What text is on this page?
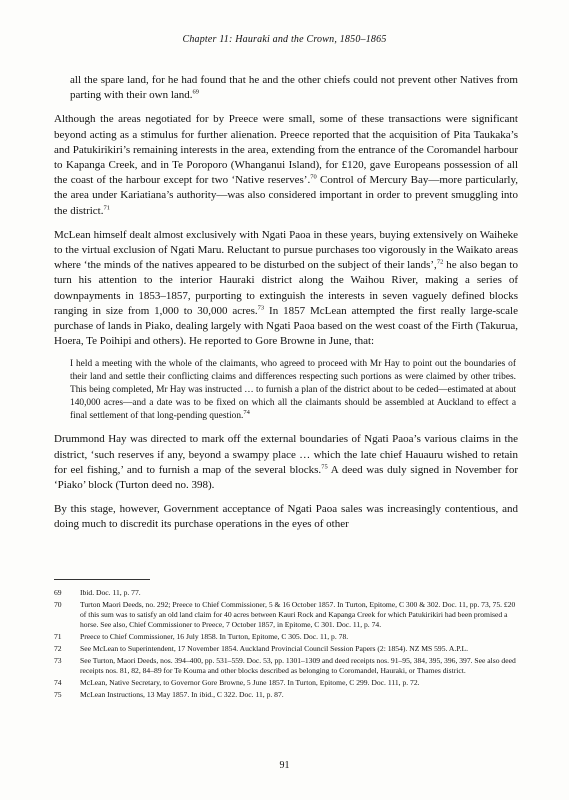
Chapter 11: Hauraki and the Crown, 1850–1865

all the spare land, for he had found that he and the other chiefs could not prevent other Natives from parting with their own land.$^{69}$

Although the areas negotiated for by Preece were small, some of these transactions were significant beyond acting as a stimulus for further alienation. Preece reported that the acquisition of Pita Taukaka’s and Patukirikiri’s remaining interests in the area, extending from the entrance of the Coromandel harbour to Kapanga Creek, and in Te Poroporo (Whanganui Island), for £120, gave Europeans possession of all the coast of the harbour except for two ‘Native reserves’.$^{70}$ Control of Mercury Bay—more particularly, the area under Kariatiana’s authority—was also considered important in order to prevent smuggling into the district.$^{71}$

McLean himself dealt almost exclusively with Ngati Paoa in these years, buying extensively on Waiheke to the virtual exclusion of Ngati Maru. Reluctant to pursue purchases too vigorously in the Waikato areas where ‘the minds of the natives appeared to be disturbed on the subject of their lands’,$^{72}$ he also began to turn his attention to the interior Hauraki district along the Waihou River, making a series of downpayments in 1853–1857, purporting to extinguish the interests in seven vaguely defined blocks ranging in size from 1,000 to 30,000 acres.$^{73}$ In 1857 McLean attempted the first really large-scale purchase of lands in Piako, dealing largely with Ngati Paoa based on the west coast of the Firth (Takurua, Hoera, Te Poihipi and others). He reported to Gore Browne in June, that:

I held a meeting with the whole of the claimants, who agreed to proceed with Mr Hay to point out the boundaries of their land and settle their conflicting claims and differences respecting such portions as were claimed by other tribes. This being completed, Mr Hay was instructed … to furnish a plan of the district about to be ceded—estimated at about 140,000 acres—and a date was to be fixed on which all the claimants should be assembled at Auckland to effect a final settlement of that long-pending question.$^{74}$

Drummond Hay was directed to mark off the external boundaries of Ngati Paoa’s various claims in the district, ‘such reserves if any, beyond a swampy place … which the late chief Hauauru wished to retain for eel fishing,’ and to furnish a map of the several blocks.$^{75}$ A deed was duly signed in November for ‘Piako’ block (Turton deed no. 398).

By this stage, however, Government acceptance of Ngati Paoa sales was increasingly contentious, and doing much to discredit its purchase operations in the eyes of other

69	Ibid. Doc. 11, p. 77.
70	Turton Maori Deeds, no. 292; Preece to Chief Commissioner, 5 & 16 October 1857. In Turton, Epitome, C 300 & 302. Doc. 11, pp. 73, 75. £20 of this sum was to satisfy an old land claim for 40 acres between Kauri Rock and Kapanga Creek for which Patukirikiri had been promised a horse. See also, Chief Commissioner to Preece, 7 October 1857, in Epitome, C 301. Doc. 11, p. 74.
71	Preece to Chief Commissioner, 16 July 1858. In Turton, Epitome, C 305. Doc. 11, p. 78.
72	See McLean to Superintendent, 17 November 1854. Auckland Provincial Council Session Papers (2: 1854). NZ MS 595. A.P.L.
73	See Turton, Maori Deeds, nos. 394–400, pp. 531–559. Doc. 53, pp. 1301–1309 and deed receipts nos. 91–95, 384, 395, 396, 397. See also deed receipts nos. 81, 82, 84–89 for Te Kouma and other blocks described as belonging to Coromandel, Hauraki, or Thames district.
74	McLean, Native Secretary, to Governor Gore Browne, 5 June 1857. In Turton, Epitome, C 299. Doc. 111, p. 72.
75	McLean Instructions, 13 May 1857. In ibid., C 322. Doc. 11, p. 87.
91
